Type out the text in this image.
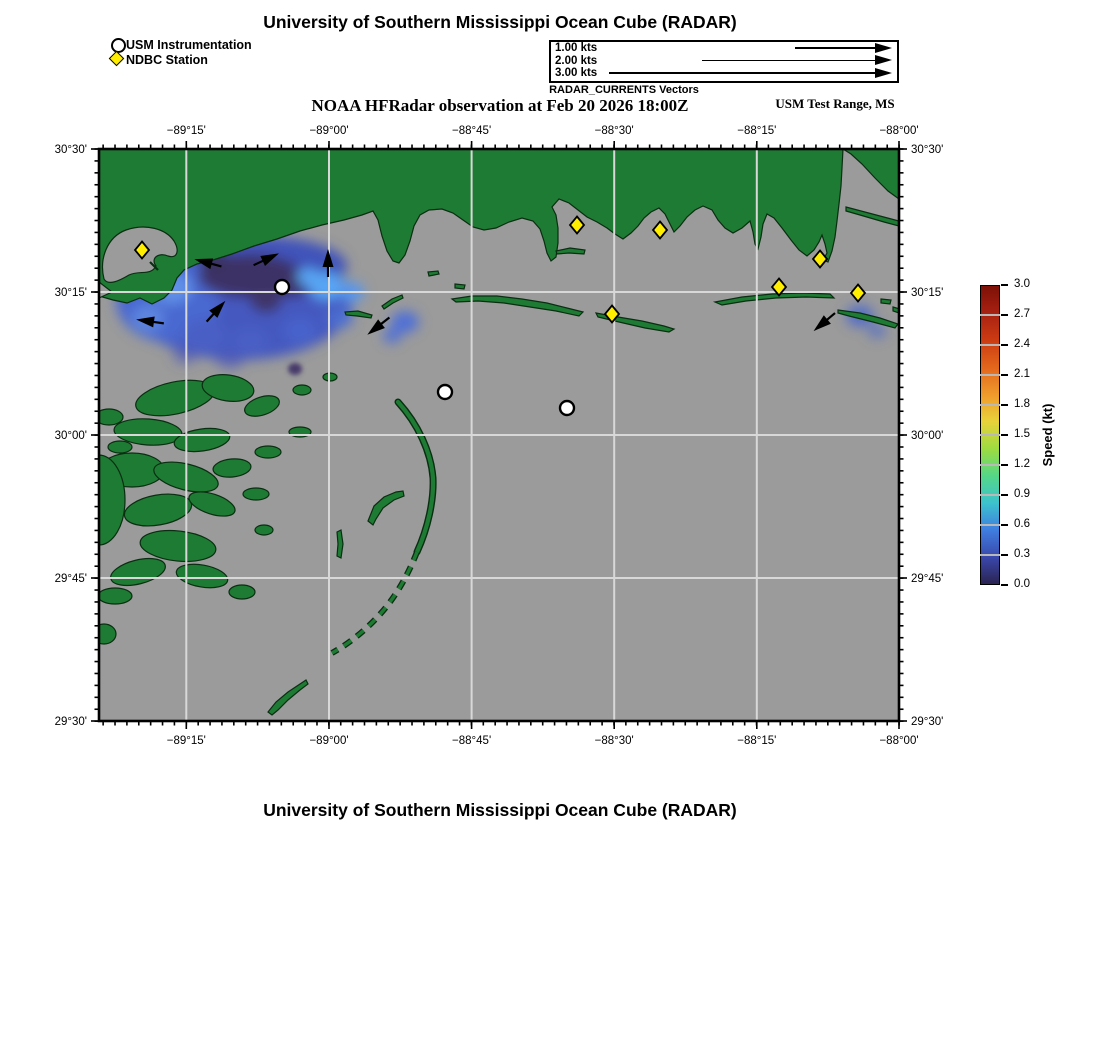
University of Southern Mississippi Ocean Cube (RADAR)
USM Instrumentation
NDBC Station
1.00 kts
2.00 kts
3.00 kts
RADAR_CURRENTS Vectors
NOAA HFRadar observation at Feb 20 2026 18:00Z	USM Test Range, MS
−89°15'
−89°15'
−89°00'
−89°00'
−88°45'
−88°45'
−88°30'
−88°30'
−88°15'
−88°15'
−88°00'
−88°00'
30°30'	30°30'
30°15'	30°15'
30°00'	30°00'
29°45'	29°45'
29°30'	29°30'
3.0
2.7
2.4
2.1
1.8
1.5
1.2
0.9
0.6
0.3
0.0
Speed (kt)
University of Southern Mississippi Ocean Cube (RADAR)
